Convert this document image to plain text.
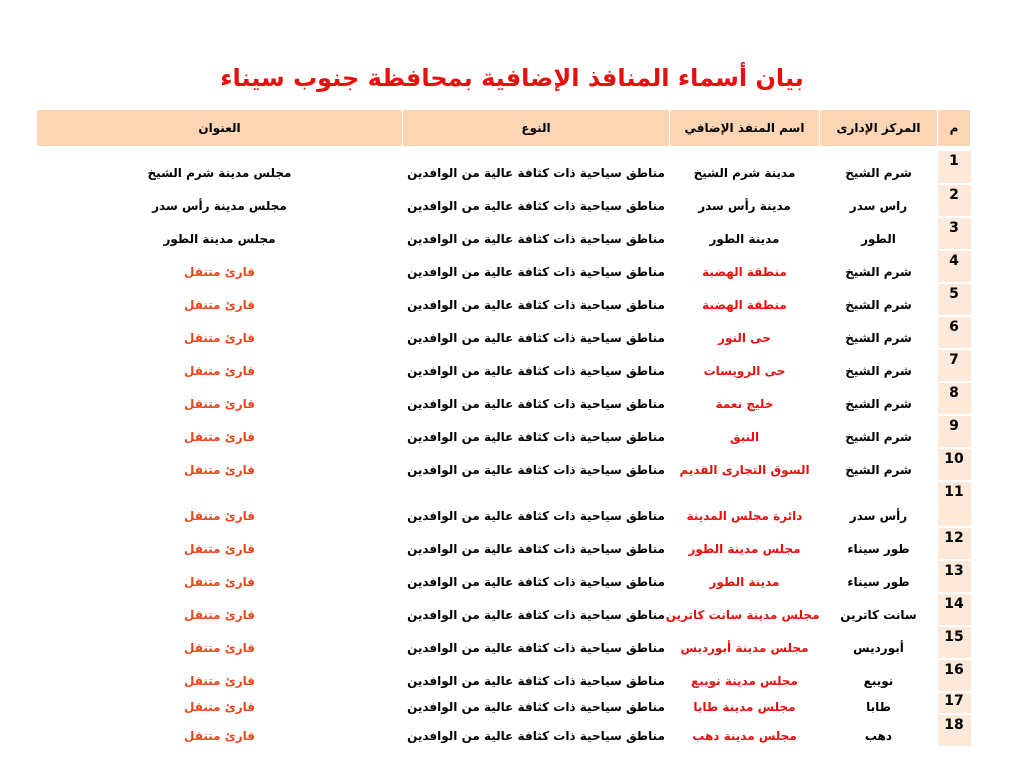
بيان أسماء المنافذ الإضافية بمحافظة جنوب سيناء
م	المركز الإدارى	اسم المنفذ الإضافي	النوع	العنوان

1	شرم الشيخ	مدينة شرم الشيخ	مناطق سياحية ذات كثافة عالية من الوافدين	مجلس مدينة شرم الشيخ
2	راس سدر	مدينة رأس سدر	مناطق سياحية ذات كثافة عالية من الوافدين	مجلس مدينة رأس سدر
3	الطور	مدينة الطور	مناطق سياحية ذات كثافة عالية من الوافدين	مجلس مدينة الطور
4	شرم الشيخ	منطقة الهضبة	مناطق سياحية ذات كثافة عالية من الوافدين	قارئ متنقل
5	شرم الشيخ	منطقة الهضبة	مناطق سياحية ذات كثافة عالية من الوافدين	قارئ متنقل
6	شرم الشيخ	حى النور	مناطق سياحية ذات كثافة عالية من الوافدين	قارئ متنقل
7	شرم الشيخ	حى الرويسات	مناطق سياحية ذات كثافة عالية من الوافدين	قارئ متنقل
8	شرم الشيخ	خليج نعمة	مناطق سياحية ذات كثافة عالية من الوافدين	قارئ متنقل
9	شرم الشيخ	النبق	مناطق سياحية ذات كثافة عالية من الوافدين	قارئ متنقل
10	شرم الشيخ	السوق التجارى القديم	مناطق سياحية ذات كثافة عالية من الوافدين	قارئ متنقل
11	رأس سدر	دائرة مجلس المدينة	مناطق سياحية ذات كثافة عالية من الوافدين	قارئ متنقل
12	طور سيناء	مجلس مدينة الطور	مناطق سياحية ذات كثافة عالية من الوافدين	قارئ متنقل
13	طور سيناء	مدينة الطور	مناطق سياحية ذات كثافة عالية من الوافدين	قارئ متنقل
14	سانت كاترين	مجلس مدينة سانت كاترين	مناطق سياحية ذات كثافة عالية من الوافدين	قارئ متنقل
15	أبورديس	مجلس مدينة أبورديس	مناطق سياحية ذات كثافة عالية من الوافدين	قارئ متنقل
16	نويبع	مجلس مدينة نويبع	مناطق سياحية ذات كثافة عالية من الوافدين	قارئ متنقل
17	طابا	مجلس مدينة طابا	مناطق سياحية ذات كثافة عالية من الوافدين	قارئ متنقل
18	دهب	مجلس مدينة دهب	مناطق سياحية ذات كثافة عالية من الوافدين	قارئ متنقل
